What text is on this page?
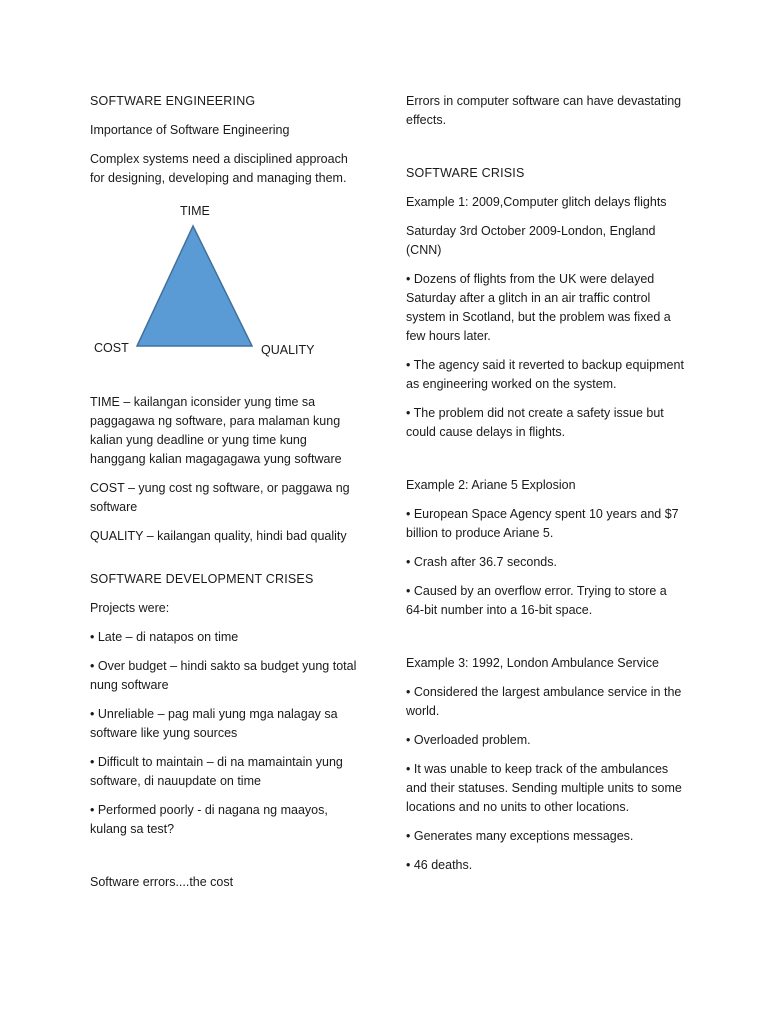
SOFTWARE ENGINEERING

Importance of Software Engineering

Complex systems need a disciplined approach for designing, developing and managing them.

TIME
COST	QUALITY

TIME – kailangan iconsider yung time sa paggagawa ng software, para malaman kung kalian yung deadline or yung time kung hanggang kalian magagagawa yung software

COST – yung cost ng software, or paggawa ng software

QUALITY – kailangan quality, hindi bad quality

SOFTWARE DEVELOPMENT CRISES

Projects were:

• Late – di natapos on time

• Over budget – hindi sakto sa budget yung total nung software

• Unreliable – pag mali yung mga nalagay sa software like yung sources

• Difficult to maintain – di na mamaintain yung software, di nauupdate on time

• Performed poorly - di nagana ng maayos, kulang sa test?

Software errors....the cost

Errors in computer software can have devastating effects.

SOFTWARE CRISIS

Example 1: 2009,Computer glitch delays flights

Saturday 3rd October 2009-London, England (CNN)

• Dozens of flights from the UK were delayed Saturday after a glitch in an air traffic control system in Scotland, but the problem was fixed a few hours later.

• The agency said it reverted to backup equipment as engineering worked on the system.

• The problem did not create a safety issue but could cause delays in flights.

Example 2: Ariane 5 Explosion

• European Space Agency spent 10 years and $7 billion to produce Ariane 5.

• Crash after 36.7 seconds.

• Caused by an overflow error. Trying to store a 64-bit number into a 16-bit space.

Example 3: 1992, London Ambulance Service

• Considered the largest ambulance service in the world.

• Overloaded problem.

• It was unable to keep track of the ambulances and their statuses. Sending multiple units to some locations and no units to other locations.

• Generates many exceptions messages.

• 46 deaths.
